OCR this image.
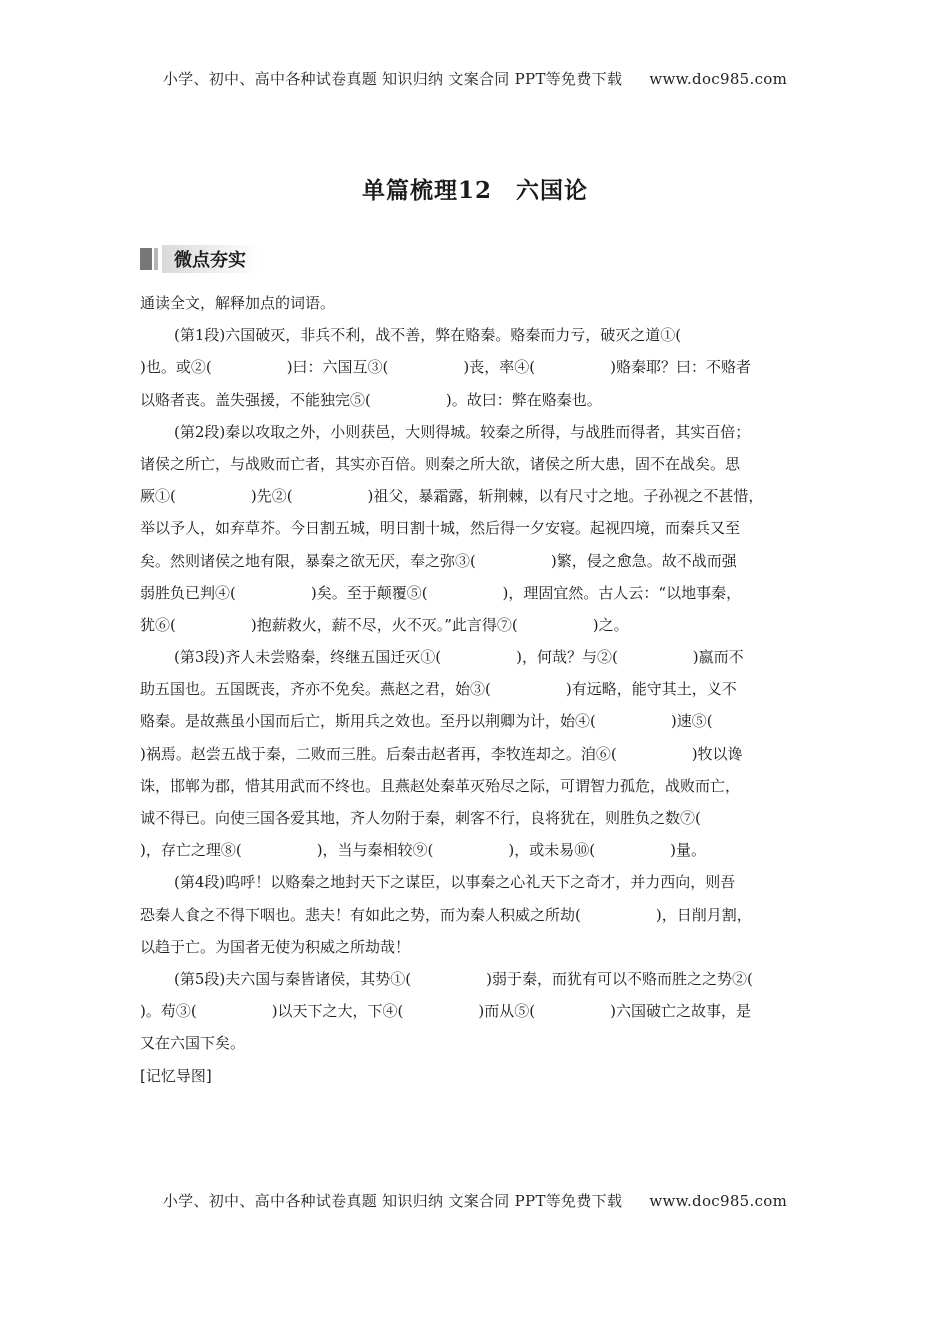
小学、初中、高中各种试卷真题 知识归纳 文案合同 PPT等免费下载 www.doc985.com
单篇梳理12　六国论
微点夯实
通读全文，解释加点的词语。
(第1段)六国破灭，非兵不利，战不善，弊在赂秦。赂秦而力亏，破灭之道①(
)也。或②(　　　　　)曰：六国互③(　　　　　)丧，率④(　　　　　)赂秦耶？曰：不赂者
以赂者丧。盖失强援，不能独完⑤(　　　　　)。故曰：弊在赂秦也。
(第2段)秦以攻取之外，小则获邑，大则得城。较秦之所得，与战胜而得者，其实百倍；
诸侯之所亡，与战败而亡者，其实亦百倍。则秦之所大欲，诸侯之所大患，固不在战矣。思
厥①(　　　　　)先②(　　　　　)祖父，暴霜露，斩荆棘，以有尺寸之地。子孙视之不甚惜，
举以予人，如弃草芥。今日割五城，明日割十城，然后得一夕安寝。起视四境，而秦兵又至
矣。然则诸侯之地有限，暴秦之欲无厌，奉之弥③(　　　　　)繁，侵之愈急。故不战而强
弱胜负已判④(　　　　　)矣。至于颠覆⑤(　　　　　)，理固宜然。古人云：“以地事秦，
犹⑥(　　　　　)抱薪救火，薪不尽，火不灭。”此言得⑦(　　　　　)之。
(第3段)齐人未尝赂秦，终继五国迁灭①(　　　　　)，何哉？与②(　　　　　)嬴而不
助五国也。五国既丧，齐亦不免矣。燕赵之君，始③(　　　　　)有远略，能守其土，义不
赂秦。是故燕虽小国而后亡，斯用兵之效也。至丹以荆卿为计，始④(　　　　　)速⑤(
)祸焉。赵尝五战于秦，二败而三胜。后秦击赵者再，李牧连却之。洎⑥(　　　　　)牧以谗
诛，邯郸为郡，惜其用武而不终也。且燕赵处秦革灭殆尽之际，可谓智力孤危，战败而亡，
诚不得已。向使三国各爱其地，齐人勿附于秦，刺客不行，良将犹在，则胜负之数⑦(
)，存亡之理⑧(　　　　　)，当与秦相较⑨(　　　　　)，或未易⑩(　　　　　)量。
(第4段)呜呼！以赂秦之地封天下之谋臣，以事秦之心礼天下之奇才，并力西向，则吾
恐秦人食之不得下咽也。悲夫！有如此之势，而为秦人积威之所劫(　　　　　)，日削月割，
以趋于亡。为国者无使为积威之所劫哉！
(第5段)夫六国与秦皆诸侯，其势①(　　　　　)弱于秦，而犹有可以不赂而胜之之势②(
)。苟③(　　　　　)以天下之大，下④(　　　　　)而从⑤(　　　　　)六国破亡之故事，是
又在六国下矣。
[记忆导图]
小学、初中、高中各种试卷真题 知识归纳 文案合同 PPT等免费下载 www.doc985.com
